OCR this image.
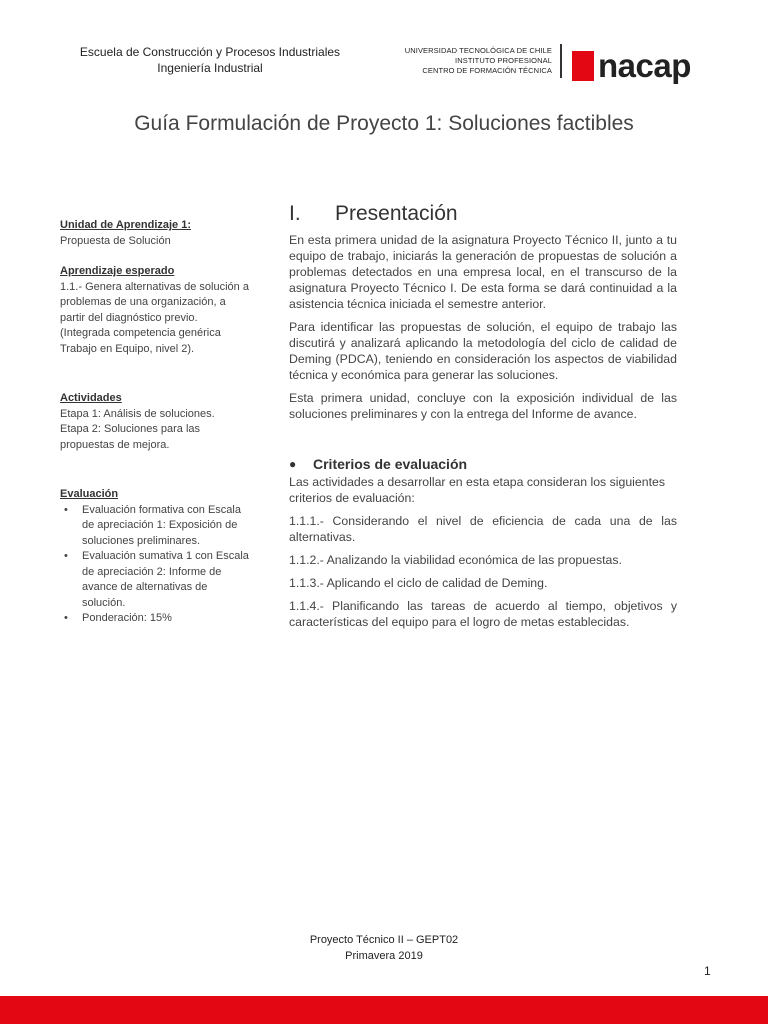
Escuela de Construcción y Procesos Industriales
Ingeniería Industrial
UNIVERSIDAD TECNOLÓGICA DE CHILE
INSTITUTO PROFESIONAL
CENTRO DE FORMACIÓN TÉCNICA nacap
Guía Formulación de Proyecto 1: Soluciones factibles
Unidad de Aprendizaje 1:
Propuesta de Solución
Aprendizaje esperado
1.1.- Genera alternativas de solución a problemas de una organización, a partir del diagnóstico previo. (Integrada competencia genérica Trabajo en Equipo, nivel 2).
Actividades
Etapa 1: Análisis de soluciones.
Etapa 2: Soluciones para las propuestas de mejora.
Evaluación
• Evaluación formativa con Escala de apreciación 1: Exposición de soluciones preliminares.
• Evaluación sumativa 1 con Escala de apreciación 2: Informe de avance de alternativas de solución.
• Ponderación: 15%
I.	Presentación

En esta primera unidad de la asignatura Proyecto Técnico II, junto a tu equipo de trabajo, iniciarás la generación de propuestas de solución a problemas detectados en una empresa local, en el transcurso de la asignatura Proyecto Técnico I. De esta forma se dará continuidad a la asistencia técnica iniciada el semestre anterior.

Para identificar las propuestas de solución, el equipo de trabajo las discutirá y analizará aplicando la metodología del ciclo de calidad de Deming (PDCA), teniendo en consideración los aspectos de viabilidad técnica y económica para generar las soluciones.

Esta primera unidad, concluye con la exposición individual de las soluciones preliminares y con la entrega del Informe de avance.

●	Criterios de evaluación

Las actividades a desarrollar en esta etapa consideran los siguientes criterios de evaluación:

1.1.1.- Considerando el nivel de eficiencia de cada una de las alternativas.

1.1.2.- Analizando la viabilidad económica de las propuestas.

1.1.3.- Aplicando el ciclo de calidad de Deming.

1.1.4.- Planificando las tareas de acuerdo al tiempo, objetivos y características del equipo para el logro de metas establecidas.

Proyecto Técnico II – GEPT02
Primavera 2019
1
